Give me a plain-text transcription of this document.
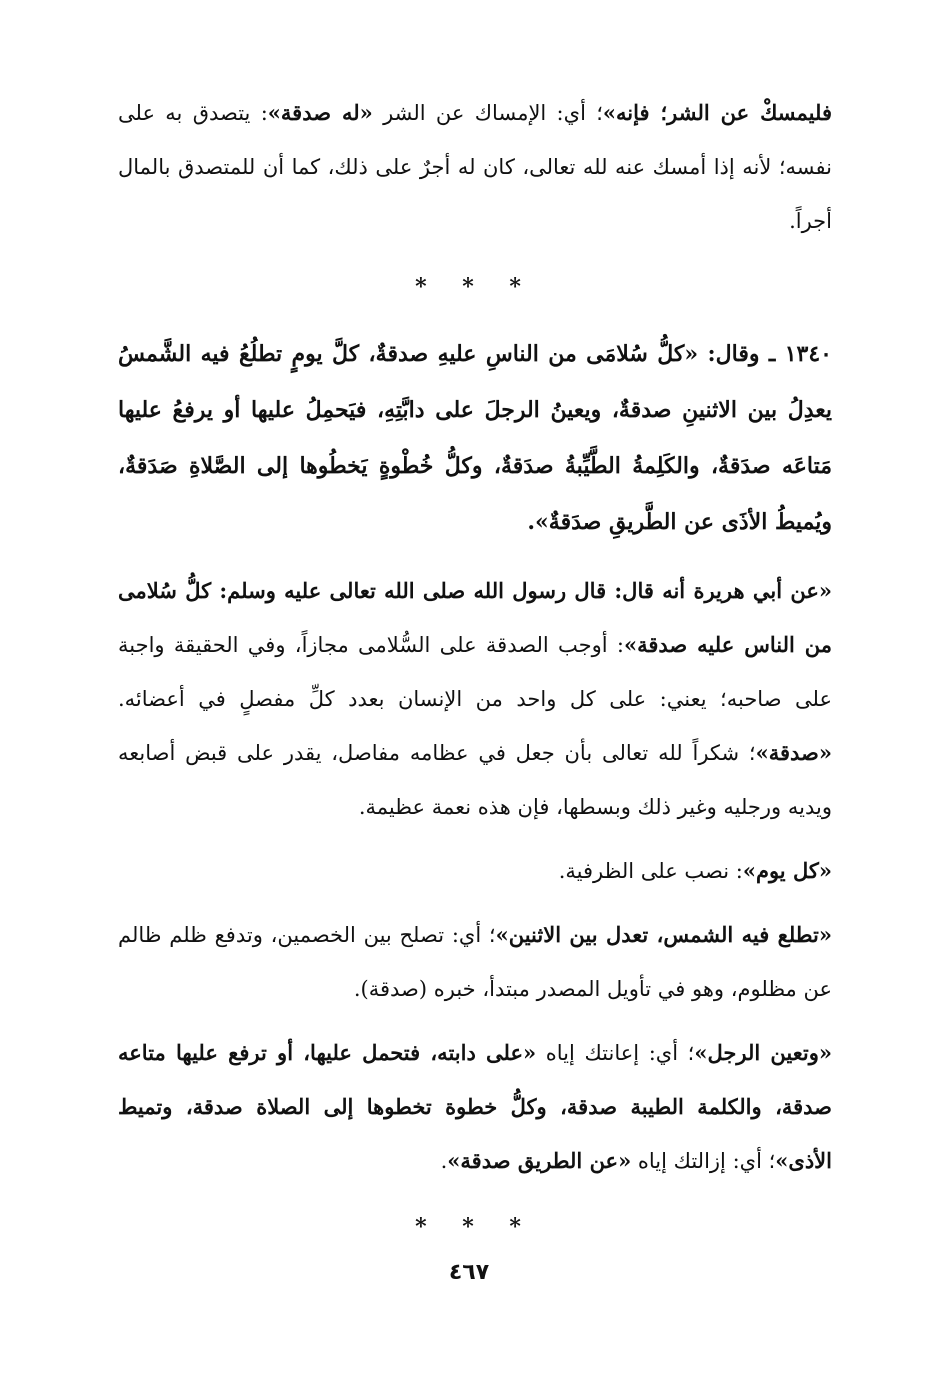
فليمسكْ عن الشر؛ فإنه»؛ أي: الإمساك عن الشر «له صدقة»: يتصدق به على نفسه؛ لأنه إذا أمسك عنه لله تعالى، كان له أجرٌ على ذلك، كما أن للمتصدق بالمال أجراً.

* * *

١٣٤٠ ـ وقال: «كلُّ سُلامَى من الناسِ عليهِ صدقةٌ، كلَّ يومٍ تطلُعُ فيه الشَّمسُ يعدِلُ بين الاثنينِ صدقةٌ، ويعينُ الرجلَ على دابَّتِهِ، فيَحمِلُ عليها أو يرفعُ عليها مَتاعَه صدَقةٌ، والكَلِمةُ الطَّيِّبةُ صدَقةٌ، وكلُّ خُطْوةٍ يَخطُوها إلى الصَّلاةِ صَدَقةٌ، ويُميطُ الأذَى عن الطَّريقِ صدَقةٌ».

«عن أبي هريرة أنه قال: قال رسول الله صلى الله تعالى عليه وسلم: كلُّ سُلامى من الناس عليه صدقة»: أوجب الصدقة على السُّلامى مجازاً، وفي الحقيقة واجبة على صاحبه؛ يعني: على كل واحد من الإنسان بعدد كلِّ مفصلٍ في أعضائه. «صدقة»؛ شكراً لله تعالى بأن جعل في عظامه مفاصل، يقدر على قبض أصابعه ويديه ورجليه وغير ذلك وبسطها، فإن هذه نعمة عظيمة.

«كل يوم»: نصب على الظرفية.

«تطلع فيه الشمس، تعدل بين الاثنين»؛ أي: تصلح بين الخصمين، وتدفع ظلم ظالم عن مظلوم، وهو في تأويل المصدر مبتدأ، خبره (صدقة).

«وتعين الرجل»؛ أي: إعانتك إياه «على دابته، فتحمل عليها، أو ترفع عليها متاعه صدقة، والكلمة الطيبة صدقة، وكلُّ خطوة تخطوها إلى الصلاة صدقة، وتميط الأذى»؛ أي: إزالتك إياه «عن الطريق صدقة».

* * *
٤٦٧
